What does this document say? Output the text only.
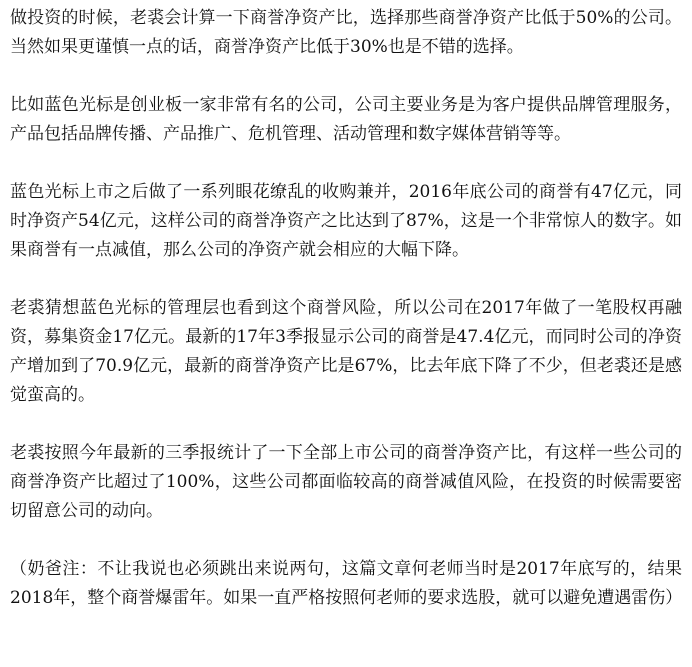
做投资的时候，老裘会计算一下商誉净资产比，选择那些商誉净资产比低于50%的公司。当然如果更谨慎一点的话，商誉净资产比低于30%也是不错的选择。

比如蓝色光标是创业板一家非常有名的公司，公司主要业务是为客户提供品牌管理服务，产品包括品牌传播、产品推广、危机管理、活动管理和数字媒体营销等等。

蓝色光标上市之后做了一系列眼花缭乱的收购兼并，2016年底公司的商誉有47亿元，同时净资产54亿元，这样公司的商誉净资产之比达到了87%，这是一个非常惊人的数字。如果商誉有一点减值，那么公司的净资产就会相应的大幅下降。

老裘猜想蓝色光标的管理层也看到这个商誉风险，所以公司在2017年做了一笔股权再融资，募集资金17亿元。最新的17年3季报显示公司的商誉是47.4亿元，而同时公司的净资产增加到了70.9亿元，最新的商誉净资产比是67%，比去年底下降了不少，但老裘还是感觉蛮高的。

老裘按照今年最新的三季报统计了一下全部上市公司的商誉净资产比，有这样一些公司的商誉净资产比超过了100%，这些公司都面临较高的商誉减值风险，在投资的时候需要密切留意公司的动向。

（奶爸注：不让我说也必须跳出来说两句，这篇文章何老师当时是2017年底写的，结果2018年，整个商誉爆雷年。如果一直严格按照何老师的要求选股，就可以避免遭遇雷伤）
